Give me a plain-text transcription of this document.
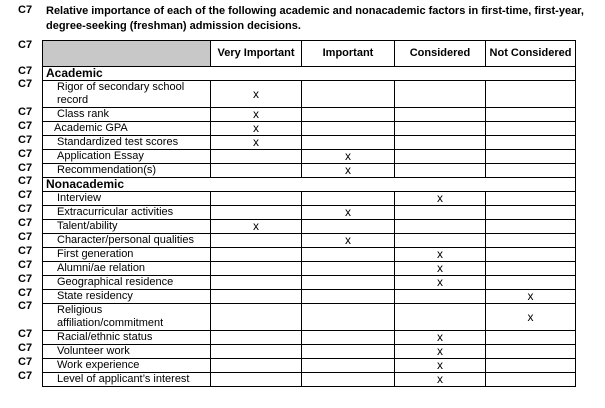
C7 Relative importance of each of the following academic and nonacademic factors in first-time, first-year, degree-seeking (freshman) admission decisions.
C7
C7
C7
C7
C7
C7
C7
C7
C7
C7
C7
C7
C7
C7
C7
C7
C7
C7
C7
C7
C7
C7
	Very Important	Important	Considered	Not Considered
Academic				
Rigor of secondary school record	x			
Class rank	x			
Academic GPA	x			
Standardized test scores	x			
Application Essay		x		
Recommendation(s)		x		
Nonacademic				
Interview			x	
Extracurricular activities		x		
Talent/ability	x			
Character/personal qualities		x		
First generation			x	
Alumni/ae relation			x	
Geographical residence			x	
State residency				x
Religious affiliation/commitment				x
Racial/ethnic status			x	
Volunteer work			x	
Work experience			x	
Level of applicant’s interest			x	
